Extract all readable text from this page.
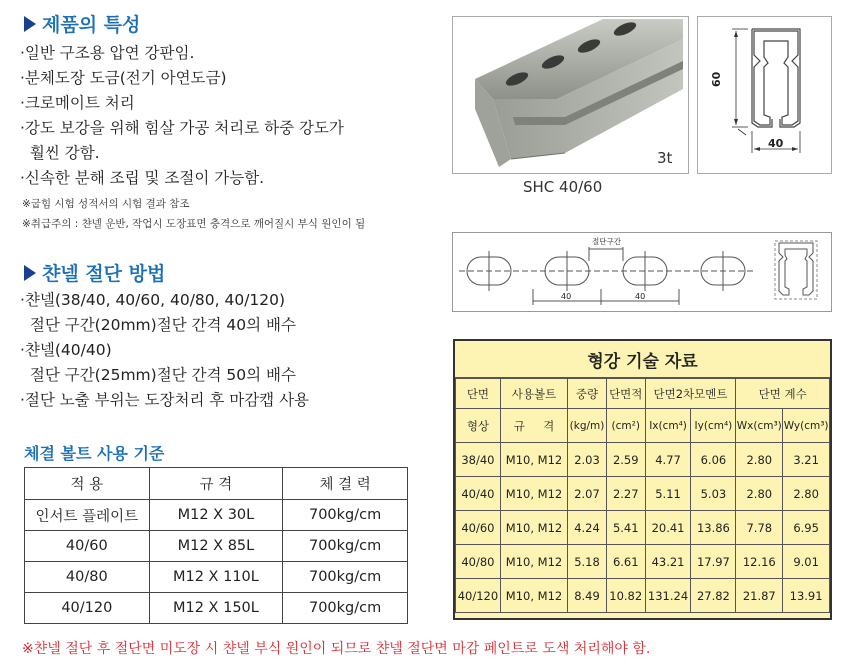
제품의 특성
·일반 구조용 압연 강판임.
·분체도장 도금(전기 아연도금)
·크로메이트 처리
·강도 보강을 위해 힘살 가공 처리로 하중 강도가
훨씬 강함.
·신속한 분해 조립 및 조절이 가능함.
※굽힘 시험 성적서의 시험 결과 참조
※취급주의 : 챤넬 운반, 작업시 도장표면 충격으로 깨어질시 부식 원인이 됨
챤넬 절단 방법
·챤넬(38/40, 40/60, 40/80, 40/120)
절단 구간(20mm)절단 간격 40의 배수
·챤넬(40/40)
절단 구간(25mm)절단 간격 50의 배수
·절단 노출 부위는 도장처리 후 마감캡 사용
체결 볼트 사용 기준
적 용	규 격	체 결 력
인서트 플레이트	M12 X 30L	700kg/cm
40/60	M12 X 85L	700kg/cm
40/80	M12 X 110L	700kg/cm
40/120	M12 X 150L	700kg/cm
3t
SHC 40/60
60
40
절단구간
40	40
형강 기술 자료
단면	사용볼트	중량	단면적	단면2차모멘트		단면 계수	
형상	규     격	(kg/m)	(cm²)	Ix(cm⁴)	Iy(cm⁴)	Wx(cm³)	Wy(cm³)
38/40	M10, M12	2.03	2.59	4.77	6.06	2.80	3.21
40/40	M10, M12	2.07	2.27	5.11	5.03	2.80	2.80
40/60	M10, M12	4.24	5.41	20.41	13.86	7.78	6.95
40/80	M10, M12	5.18	6.61	43.21	17.97	12.16	9.01
40/120	M10, M12	8.49	10.82	131.24	27.82	21.87	13.91
※챤넬 절단 후 절단면 미도장 시 챤넬 부식 원인이 되므로 챤넬 절단면 마감 페인트로 도색 처리해야 함.
